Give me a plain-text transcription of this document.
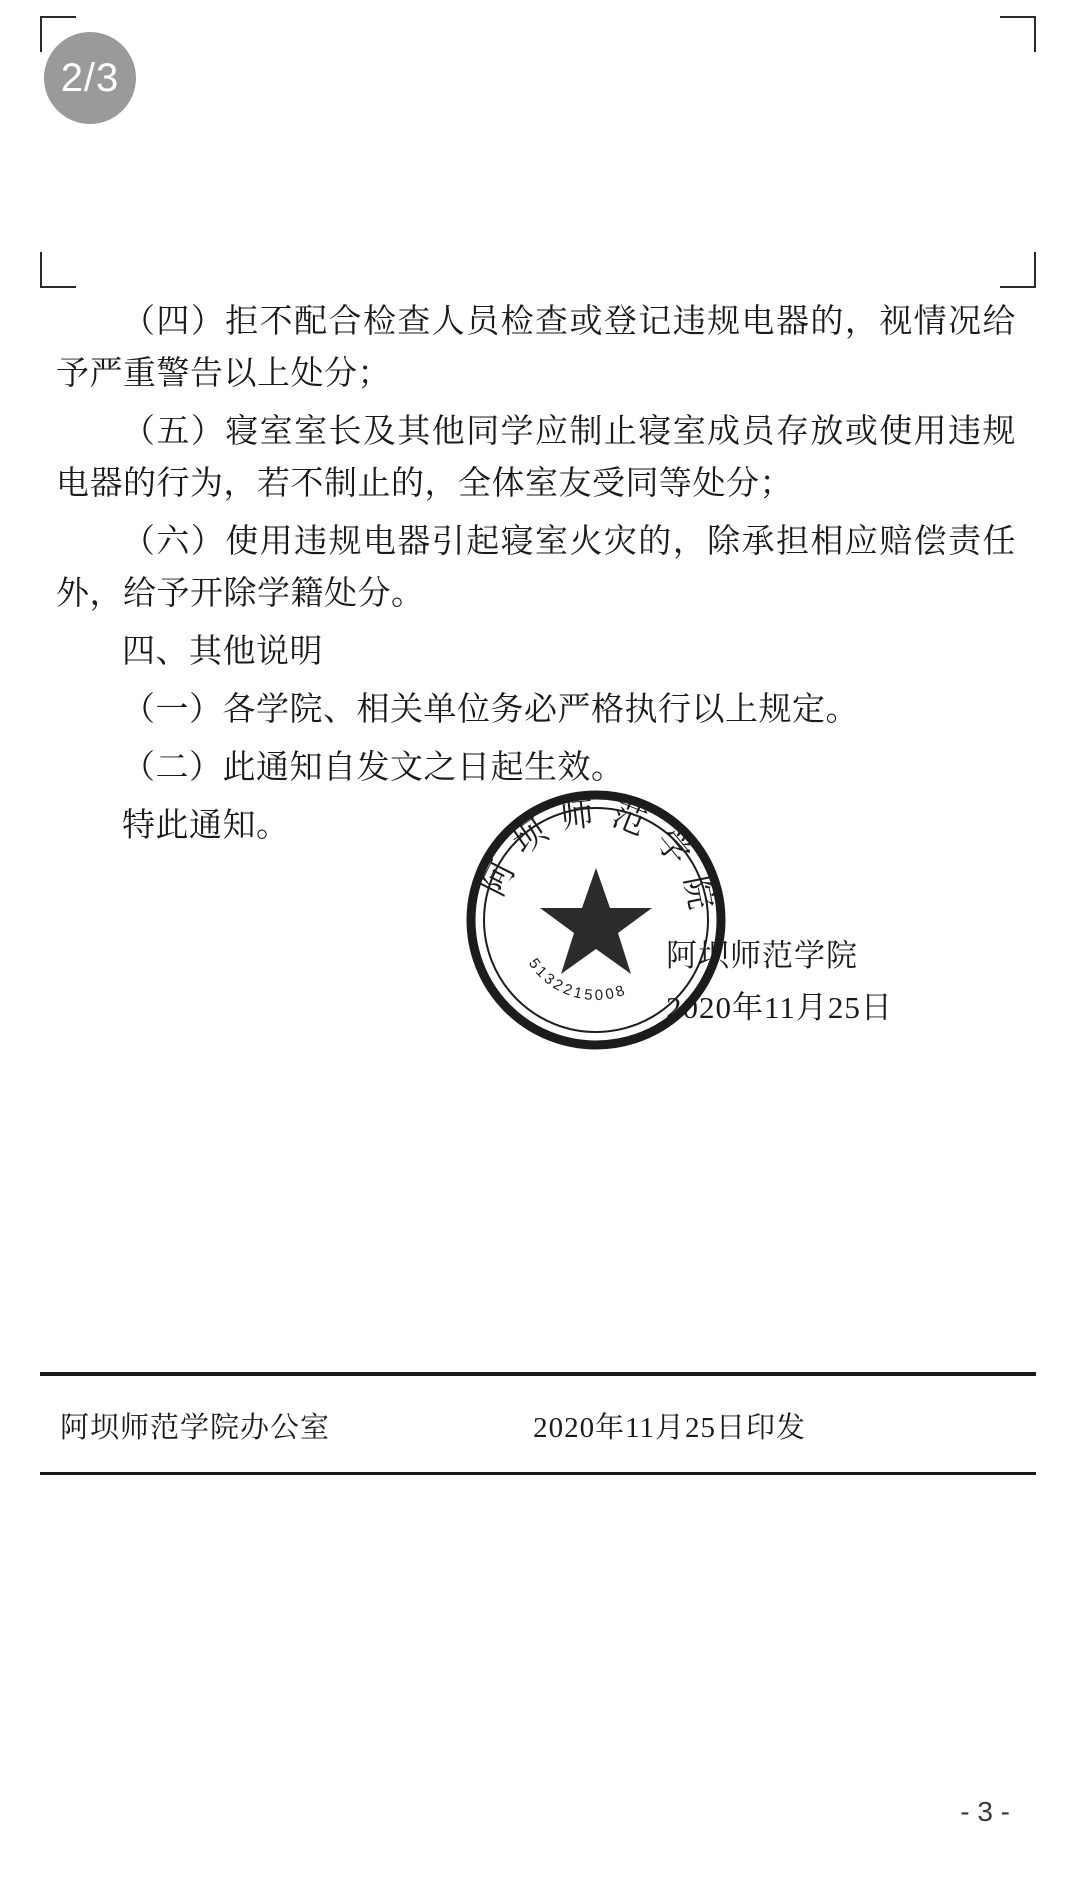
2/3

（四）拒不配合检查人员检查或登记违规电器的，视情况给予严重警告以上处分；

（五）寝室室长及其他同学应制止寝室成员存放或使用违规电器的行为，若不制止的，全体室友受同等处分；

（六）使用违规电器引起寝室火灾的，除承担相应赔偿责任外，给予开除学籍处分。

四、其他说明

（一）各学院、相关单位务必严格执行以上规定。

（二）此通知自发文之日起生效。

特此通知。

阿坝师范学院
5132215008
阿坝师范学院
2020年11月25日
阿坝师范学院办公室	2020年11月25日印发
- 3 -
